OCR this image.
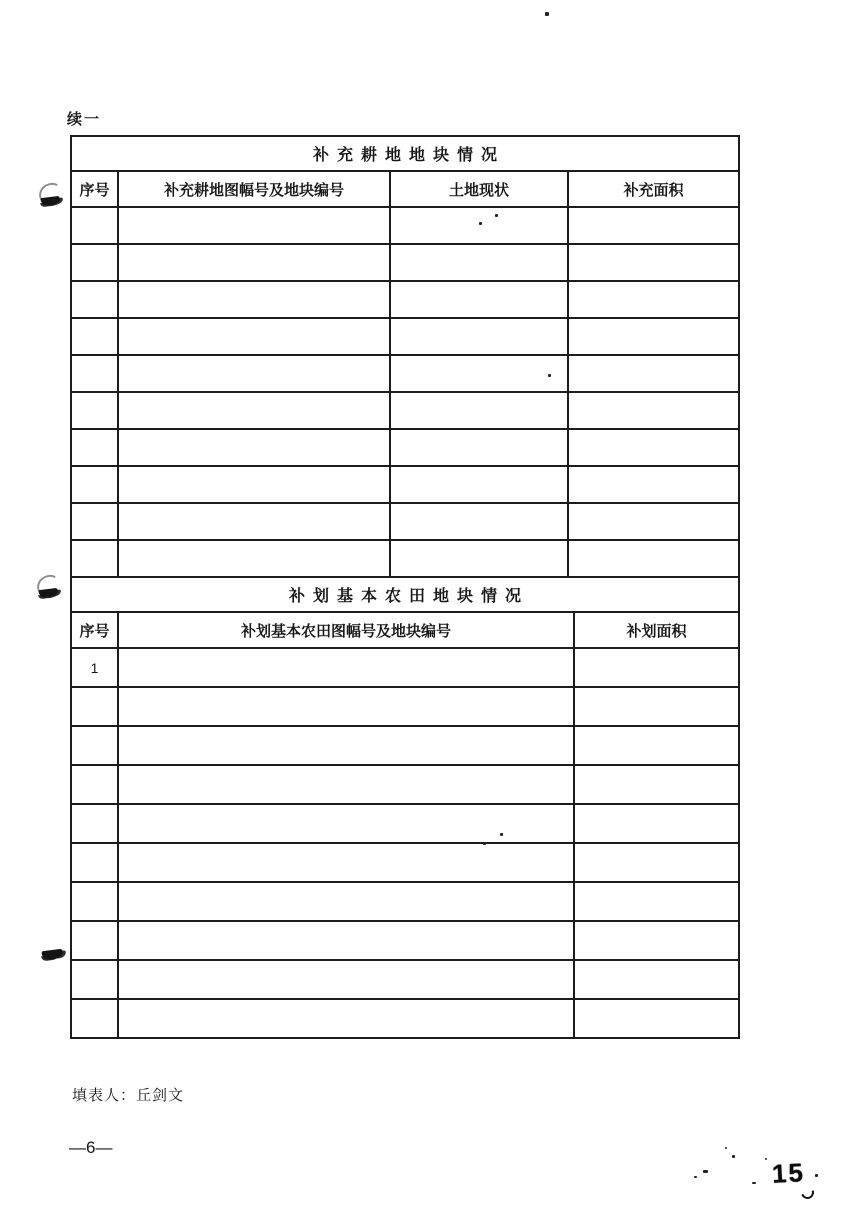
续一
补充耕地地块情况			
序号	补充耕地图幅号及地块编号	土地现状	补充面积

补划基本农田地块情况		
序号	补划基本农田图幅号及地块编号	补划面积
1		

填表人：丘剑文
—6—
15
